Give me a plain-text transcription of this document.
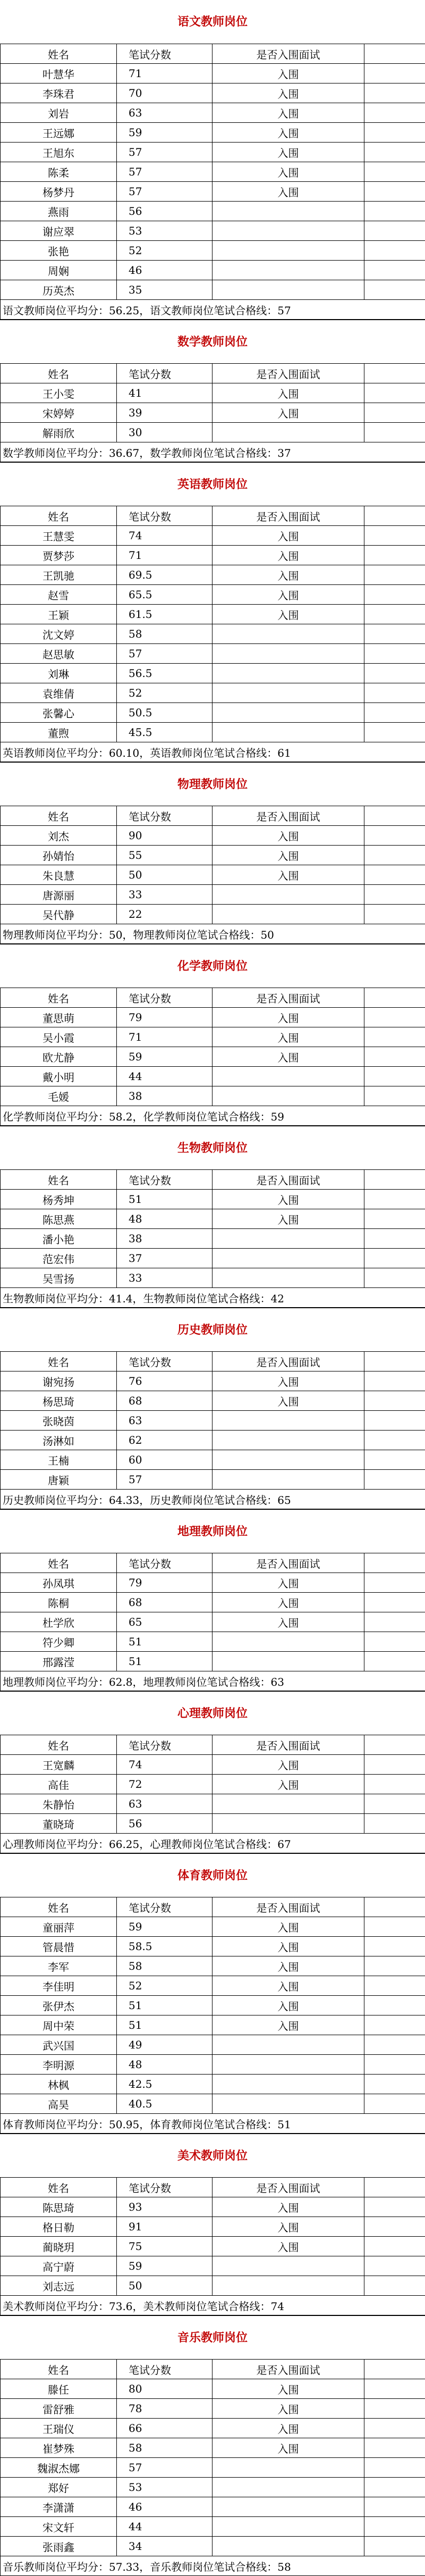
语文教师岗位
姓名	笔试分数	是否入围面试	
叶慧华	71	入围	
李珠君	70	入围	
刘岩	63	入围	
王远娜	59	入围	
王旭东	57	入围	
陈柔	57	入围	
杨梦丹	57	入围	
燕雨	56		
谢应翠	53		
张艳	52		
周娴	46		
历英杰	35		
语文教师岗位平均分：56.25，语文教师岗位笔试合格线：57			
数学教师岗位
姓名	笔试分数	是否入围面试	
王小雯	41	入围	
宋婷婷	39	入围	
解雨欣	30		
数学教师岗位平均分：36.67，数学教师岗位笔试合格线：37			
英语教师岗位
姓名	笔试分数	是否入围面试	
王慧雯	74	入围	
贾梦莎	71	入围	
王凯驰	69.5	入围	
赵雪	65.5	入围	
王颖	61.5	入围	
沈文婷	58		
赵思敏	57		
刘琳	56.5		
袁维倩	52		
张馨心	50.5		
董煦	45.5		
英语教师岗位平均分：60.10，英语教师岗位笔试合格线：61			
物理教师岗位
姓名	笔试分数	是否入围面试	
刘杰	90	入围	
孙婧怡	55	入围	
朱良慧	50	入围	
唐源丽	33		
吴代静	22		
物理教师岗位平均分：50，物理教师岗位笔试合格线：50			
化学教师岗位
姓名	笔试分数	是否入围面试	
董思萌	79	入围	
吴小霞	71	入围	
欧尤静	59	入围	
戴小明	44		
毛媛	38		
化学教师岗位平均分：58.2，化学教师岗位笔试合格线：59			
生物教师岗位
姓名	笔试分数	是否入围面试	
杨秀坤	51	入围	
陈思燕	48	入围	
潘小艳	38		
范宏伟	37		
吴雪扬	33		
生物教师岗位平均分：41.4，生物教师岗位笔试合格线：42			
历史教师岗位
姓名	笔试分数	是否入围面试	
谢宛扬	76	入围	
杨思琦	68	入围	
张晓茵	63		
汤淋如	62		
王楠	60		
唐颖	57		
历史教师岗位平均分：64.33，历史教师岗位笔试合格线：65			
地理教师岗位
姓名	笔试分数	是否入围面试	
孙凤琪	79	入围	
陈桐	68	入围	
杜学欣	65	入围	
符少卿	51		
邢露滢	51		
地理教师岗位平均分：62.8，地理教师岗位笔试合格线：63			
心理教师岗位
姓名	笔试分数	是否入围面试	
王宽麟	74	入围	
高佳	72	入围	
朱静怡	63		
董晓琦	56		
心理教师岗位平均分：66.25，心理教师岗位笔试合格线：67			
体育教师岗位
姓名	笔试分数	是否入围面试	
童丽萍	59	入围	
管晨惜	58.5	入围	
李军	58	入围	
李佳明	52	入围	
张伊杰	51	入围	
周中荣	51	入围	
武兴国	49		
李明源	48		
林枫	42.5		
高昊	40.5		
体育教师岗位平均分：50.95，体育教师岗位笔试合格线：51			
美术教师岗位
姓名	笔试分数	是否入围面试	
陈思琦	93	入围	
格日勒	91	入围	
蔺晓玥	75	入围	
高宁蔚	59		
刘志远	50		
美术教师岗位平均分：73.6，美术教师岗位笔试合格线：74			
音乐教师岗位
姓名	笔试分数	是否入围面试	
滕任	80	入围	
雷舒雅	78	入围	
王瑞仪	66	入围	
崔梦殊	58	入围	
魏淑杰娜	57		
郑好	53		
李潇潇	46		
宋文轩	44		
张雨鑫	34		
音乐教师岗位平均分：57.33，音乐教师岗位笔试合格线：58			
